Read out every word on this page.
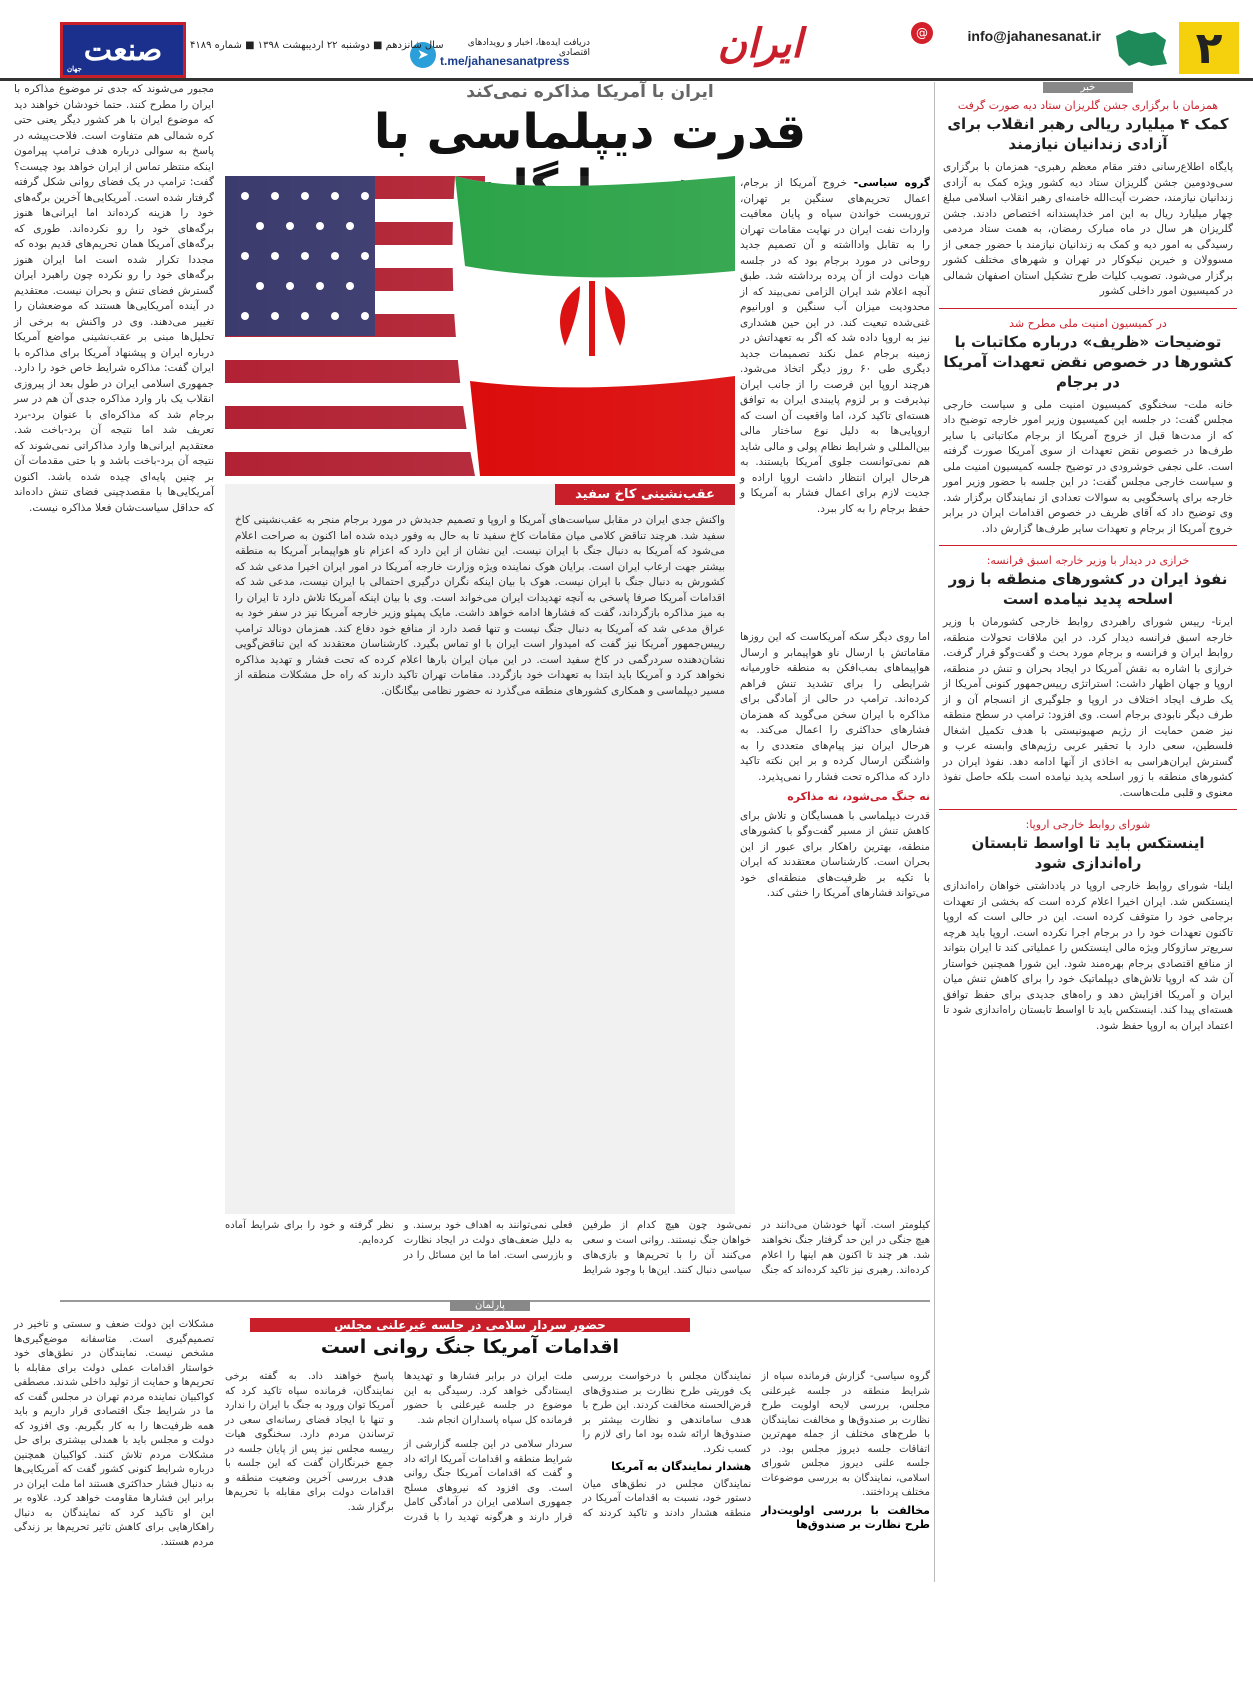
۲
info@jahanesanat.ir
@
ایران
➤
دریافت ایده‌ها، اخبار و رویدادهای اقتصادی
t.me/jahanesanatpress
سال شانزدهم ■ دوشنبه ۲۲ اردیبهشت ۱۳۹۸ ■ شماره ۴۱۸۹
صنعت
جهان
خبر
همزمان با برگزاری جشن گلریزان ستاد دیه صورت گرفت
کمک ۴ میلیارد ریالی رهبر انقلاب برای آزادی زندانیان نیازمند
پایگاه اطلاع‌رسانی دفتر مقام معظم رهبری- همزمان با برگزاری سی‌ودومین جشن گلریزان ستاد دیه کشور ویژه کمک به آزادی زندانیان نیازمند، حضرت آیت‌الله خامنه‌ای رهبر انقلاب اسلامی مبلغ چهار میلیارد ریال به این امر خداپسندانه اختصاص دادند. جشن گلریزان هر سال در ماه مبارک رمضان، به همت ستاد مردمی رسیدگی به امور دیه و کمک به زندانیان نیازمند با حضور جمعی از مسوولان و خیرین نیکوکار در تهران و شهرهای مختلف کشور برگزار می‌شود. تصویب کلیات طرح تشکیل استان اصفهان شمالی در کمیسیون امور داخلی کشور
در کمیسیون امنیت ملی مطرح شد
توضیحات «ظریف» درباره مکاتبات با کشورها در خصوص نقض تعهدات آمریکا در برجام
خانه ملت- سخنگوی کمیسیون امنیت ملی و سیاست خارجی مجلس گفت: در جلسه این کمیسیون وزیر امور خارجه توضیح داد که از مدت‌ها قبل از خروج آمریکا از برجام مکاتباتی با سایر طرف‌ها در خصوص نقض تعهدات از سوی آمریکا صورت گرفته است. علی نجفی خوشرودی در توضیح جلسه کمیسیون امنیت ملی و سیاست خارجی مجلس گفت: در این جلسه با حضور وزیر امور خارجه برای پاسخگویی به سوالات تعدادی از نمایندگان برگزار شد. وی توضیح داد که آقای ظریف در خصوص اقدامات ایران در برابر خروج آمریکا از برجام و تعهدات سایر طرف‌ها گزارش داد.
خرازی در دیدار با وزیر خارجه اسبق فرانسه:
نفوذ ایران در کشورهای منطقه با زور اسلحه پدید نیامده است
ایرنا- رییس شورای راهبردی روابط خارجی کشورمان با وزیر خارجه اسبق فرانسه دیدار کرد. در این ملاقات تحولات منطقه، روابط ایران و فرانسه و برجام مورد بحث و گفت‌وگو قرار گرفت. خرازی با اشاره به نقش آمریکا در ایجاد بحران و تنش در منطقه، اروپا و جهان اظهار داشت: استراتژی رییس‌جمهور کنونی آمریکا از یک طرف ایجاد اختلاف در اروپا و جلوگیری از انسجام آن و از طرف دیگر نابودی برجام است. وی افزود: ترامپ در سطح منطقه نیز ضمن حمایت از رژیم صهیونیستی با هدف تکمیل اشغال فلسطین، سعی دارد با تحقیر عربی رژیم‌های وابسته عرب و گسترش ایران‌هراسی به اخاذی از آنها ادامه دهد. نفوذ ایران در کشورهای منطقه با زور اسلحه پدید نیامده است بلکه حاصل نفوذ معنوی و قلبی ملت‌هاست.
شورای روابط خارجی اروپا:
اینستکس باید تا اواسط تابستان راه‌اندازی شود
ایلنا- شورای روابط خارجی اروپا در یادداشتی خواهان راه‌اندازی اینستکس شد. ایران اخیرا اعلام کرده است که بخشی از تعهدات برجامی خود را متوقف کرده است. این در حالی است که اروپا تاکنون تعهدات خود را در برجام اجرا نکرده است. اروپا باید هرچه سریع‌تر سازوکار ویژه مالی اینستکس را عملیاتی کند تا ایران بتواند از منافع اقتصادی برجام بهره‌مند شود. این شورا همچنین خواستار آن شد که اروپا تلاش‌های دیپلماتیک خود را برای کاهش تنش میان ایران و آمریکا افزایش دهد و راه‌های جدیدی برای حفظ توافق هسته‌ای پیدا کند. اینستکس باید تا اواسط تابستان راه‌اندازی شود تا اعتماد ایران به اروپا حفظ شود.
ایران با آمریکا مذاکره نمی‌کند
قدرت دیپلماسی با
گروه سیاسی- خروج آمریکا از برجام، اعمال تحریم‌های سنگین بر تهران، تروریست خواندن سپاه و پایان معافیت واردات نفت ایران در نهایت مقامات تهران را به تقابل وادااشته و آن تصمیم جدید روحانی در مورد برجام بود که در جلسه هیات دولت از آن پرده برداشته شد. طبق آنچه اعلام شد ایران الزامی نمی‌بیند که از محدودیت میزان آب سنگین و اورانیوم غنی‌شده تبعیت کند. در این حین هشداری نیز به اروپا داده شد که اگر به تعهداتش در زمینه برجام عمل نکند تصمیمات جدید دیگری طی ۶۰ روز دیگر اتخاذ می‌شود. هرچند اروپا این فرصت را از جانب ایران نپذیرفت و بر لزوم پایبندی ایران به توافق هسته‌ای تاکید کرد، اما واقعیت آن است که اروپایی‌ها به دلیل نوع ساختار مالی بین‌المللی و شرایط نظام پولی و مالی شاید هم نمی‌توانست جلوی آمریکا بایستند. به هرحال ایران انتظار داشت اروپا اراده و جدیت لازم برای اعمال فشار به آمریکا و حفظ برجام را به کار ببرد.
اما روی دیگر سکه آمریکاست که این روزها مقاماتش با ارسال ناو هواپیمابر و ارسال هواپیماهای بمب‌افکن به منطقه خاورمیانه شرایطی را برای تشدید تنش فراهم کرده‌اند. ترامپ در حالی از آمادگی برای مذاکره با ایران سخن می‌گوید که همزمان فشارهای حداکثری را اعمال می‌کند. به هرحال ایران نیز پیام‌های متعددی را به واشنگتن ارسال کرده و بر این نکته تاکید دارد که مذاکره تحت فشار را نمی‌پذیرد.
نه جنگ می‌شود، نه مذاکره
قدرت دیپلماسی با همسایگان و تلاش برای کاهش تنش از مسیر گفت‌وگو با کشورهای منطقه، بهترین راهکار برای عبور از این بحران است. کارشناسان معتقدند که ایران با تکیه بر ظرفیت‌های منطقه‌ای خود می‌تواند فشارهای آمریکا را خنثی کند.
مجبور می‌شوند که جدی تر موضوع مذاکره با ایران را مطرح کنند. حتما خودشان خواهند دید که موضوع ایران با هر کشور دیگر یعنی حتی کره شمالی هم متفاوت است. فلاحت‌پیشه در پاسخ به سوالی درباره هدف ترامپ پیرامون اینکه منتظر تماس از ایران خواهد بود چیست؟ گفت: ترامپ در یک فضای روانی شکل گرفته گرفتار شده است. آمریکایی‌ها آخرین برگه‌های خود را هزینه کرده‌اند اما ایرانی‌ها هنوز برگه‌های خود را رو نکرده‌اند. طوری که برگه‌های آمریکا همان تحریم‌های قدیم بوده که مجددا تکرار شده است اما ایران هنوز برگه‌های خود را رو نکرده چون راهبرد ایران گسترش فضای تنش و بحران نیست. معتقدیم در آینده آمریکایی‌ها هستند که موضعشان را تغییر می‌دهند. وی در واکنش به برخی از تحلیل‌ها مبنی بر عقب‌نشینی مواضع آمریکا درباره ایران و پیشنهاد آمریکا برای مذاکره با ایران گفت: مذاکره شرایط خاص خود را دارد. جمهوری اسلامی ایران در طول بعد از پیروزی انقلاب یک بار وارد مذاکره جدی آن هم در سر برجام شد که مذاکره‌ای با عنوان برد-برد تعریف شد اما نتیجه آن برد-باخت شد. معتقدیم ایرانی‌ها وارد مذاکراتی نمی‌شوند که نتیجه آن برد-باخت باشد و با حتی مقدمات آن بر چنین پایه‌ای چیده شده باشد. اکنون آمریکایی‌ها با مقصدچینی فضای تنش داده‌اند که حداقل سیاست‌شان فعلا مذاکره نیست.
عقب‌نشینی کاخ سفید
واکنش جدی ایران در مقابل سیاست‌های آمریکا و اروپا و تصمیم جدیدش در مورد برجام منجر به عقب‌نشینی کاخ سفید شد. هرچند تناقض کلامی میان مقامات کاخ سفید تا به حال به وفور دیده شده اما اکنون به صراحت اعلام می‌شود که آمریکا به دنبال جنگ با ایران نیست. این نشان از این دارد که اعزام ناو هواپیمابر آمریکا به منطقه بیشتر جهت ارعاب ایران است. برایان هوک نماینده ویژه وزارت خارجه آمریکا در امور ایران اخیرا مدعی شد که کشورش به دنبال جنگ با ایران نیست. هوک با بیان اینکه نگران درگیری احتمالی با ایران نیست، مدعی شد که اقدامات آمریکا صرفا پاسخی به آنچه تهدیدات ایران می‌خواند است. وی با بیان اینکه آمریکا تلاش دارد تا ایران را به میز مذاکره بازگرداند، گفت که فشارها ادامه خواهد داشت. مایک پمپئو وزیر خارجه آمریکا نیز در سفر خود به عراق مدعی شد که آمریکا به دنبال جنگ نیست و تنها قصد دارد از منافع خود دفاع کند. همزمان دونالد ترامپ رییس‌جمهور آمریکا نیز گفت که امیدوار است ایران با او تماس بگیرد. کارشناسان معتقدند که این تناقض‌گویی نشان‌دهنده سردرگمی در کاخ سفید است. در این میان ایران بارها اعلام کرده که تحت فشار و تهدید مذاکره نخواهد کرد و آمریکا باید ابتدا به تعهدات خود بازگردد. مقامات تهران تاکید دارند که راه حل مشکلات منطقه از مسیر دیپلماسی و همکاری کشورهای منطقه می‌گذرد نه حضور نظامی بیگانگان.
کیلومتر است. آنها خودشان می‌دانند در هیچ جنگی در این حد گرفتار جنگ نخواهند شد. هر چند تا اکنون هم اینها را اعلام کرده‌اند. رهبری نیز تاکید کرده‌اند که جنگ نمی‌شود چون هیچ کدام از طرفین خواهان جنگ نیستند. روانی است و سعی می‌کنند آن را با تحریم‌ها و بازی‌های سیاسی دنبال کنند. این‌ها با وجود شرایط فعلی نمی‌توانند به اهداف خود برسند. و به دلیل ضعف‌های دولت در ایجاد نظارت و بازرسی است. اما ما این مسائل را در نظر گرفته و خود را برای شرایط آماده کرده‌ایم.
پارلمان
حضور سردار سلامی در جلسه غیرعلنی مجلس
اقدامات آمریکا جنگ روانی است
گروه سیاسی- گزارش فرمانده سپاه از شرایط منطقه در جلسه غیرعلنی مجلس، بررسی لایحه اولویت طرح نظارت بر صندوق‌ها و مخالفت نمایندگان با طرح‌های مختلف از جمله مهم‌ترین اتفاقات جلسه دیروز مجلس بود. در جلسه علنی دیروز مجلس شورای اسلامی، نمایندگان به بررسی موضوعات مختلف پرداختند.
مخالفت با بررسی اولویت‌دار طرح نظارت بر صندوق‌ها
نمایندگان مجلس با درخواست بررسی یک فوریتی طرح نظارت بر صندوق‌های قرض‌الحسنه مخالفت کردند. این طرح با هدف ساماندهی و نظارت بیشتر بر صندوق‌ها ارائه شده بود اما رای لازم را کسب نکرد.
هشدار نمایندگان به آمریکا
نمایندگان مجلس در نطق‌های میان دستور خود، نسبت به اقدامات آمریکا در منطقه هشدار دادند و تاکید کردند که ملت ایران در برابر فشارها و تهدیدها ایستادگی خواهد کرد. رسیدگی به این موضوع در جلسه غیرعلنی با حضور فرمانده کل سپاه پاسداران انجام شد.

سردار سلامی در این جلسه گزارشی از شرایط منطقه و اقدامات آمریکا ارائه داد و گفت که اقدامات آمریکا جنگ روانی است. وی افزود که نیروهای مسلح جمهوری اسلامی ایران در آمادگی کامل قرار دارند و هرگونه تهدید را با قدرت پاسخ خواهند داد. به گفته برخی نمایندگان، فرمانده سپاه تاکید کرد که آمریکا توان ورود به جنگ با ایران را ندارد و تنها با ایجاد فضای رسانه‌ای سعی در ترساندن مردم دارد. سخنگوی هیات رییسه مجلس نیز پس از پایان جلسه در جمع خبرنگاران گفت که این جلسه با هدف بررسی آخرین وضعیت منطقه و اقدامات دولت برای مقابله با تحریم‌ها برگزار شد.

مشکلات این دولت ضعف و سستی و تاخیر در تصمیم‌گیری است. متاسفانه موضع‌گیری‌ها مشخص نیست. نمایندگان در نطق‌های خود خواستار اقدامات عملی دولت برای مقابله با تحریم‌ها و حمایت از تولید داخلی شدند. مصطفی کواکبیان نماینده مردم تهران در مجلس گفت که ما در شرایط جنگ اقتصادی قرار داریم و باید همه ظرفیت‌ها را به کار بگیریم. وی افزود که دولت و مجلس باید با همدلی بیشتری برای حل مشکلات مردم تلاش کنند. کواکبیان همچنین درباره شرایط کنونی کشور گفت که آمریکایی‌ها به دنبال فشار حداکثری هستند اما ملت ایران در برابر این فشارها مقاومت خواهد کرد. علاوه بر این او تاکید کرد که نمایندگان به دنبال راهکارهایی برای کاهش تاثیر تحریم‌ها بر زندگی مردم هستند.
